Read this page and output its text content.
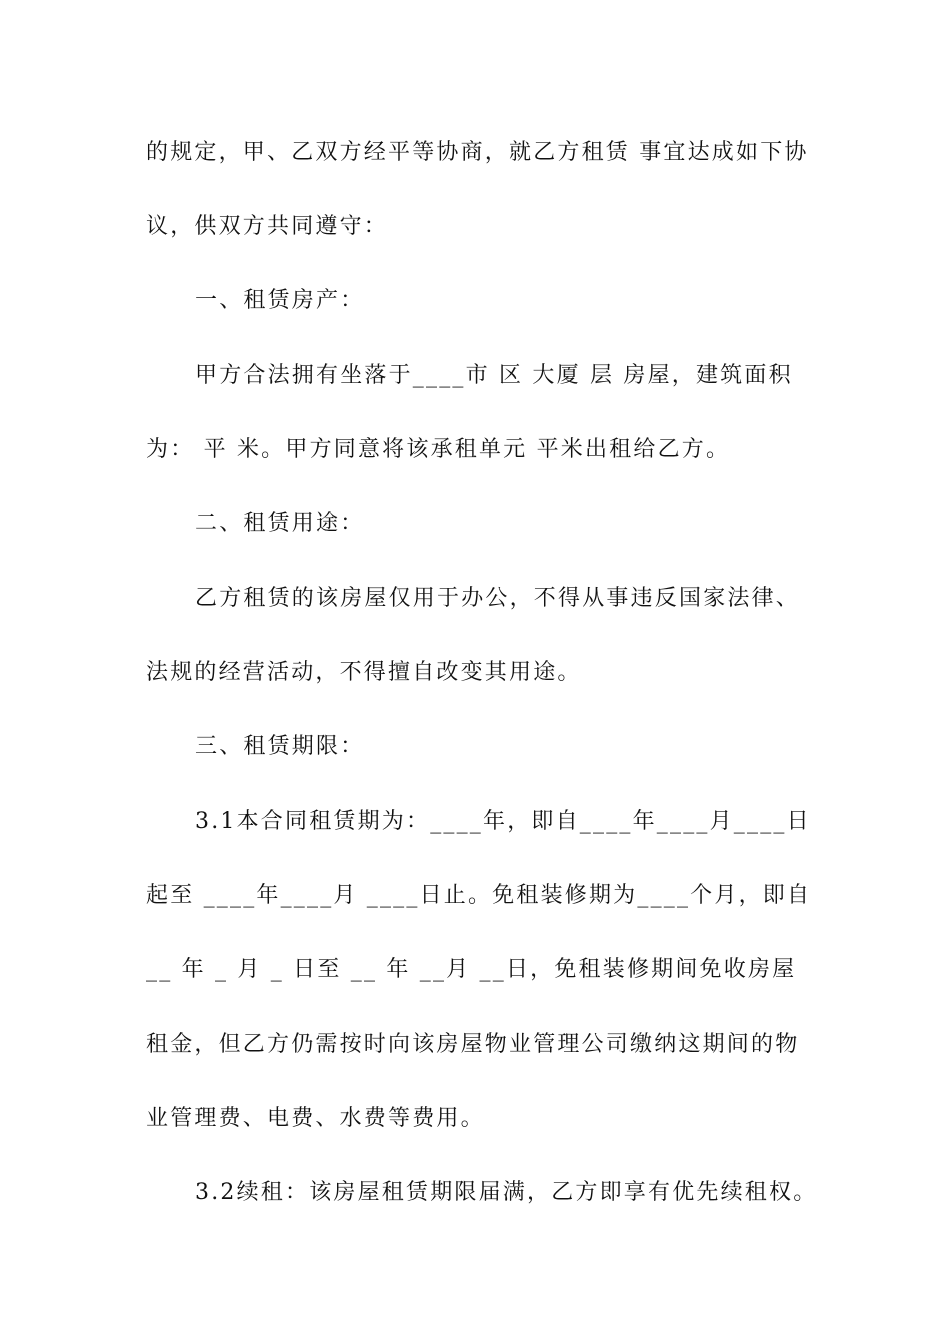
的规定，甲、乙双方经平等协商，就乙方租赁 事宜达成如下协
议，供双方共同遵守：
一、租赁房产：
甲方合法拥有坐落于____市 区 大厦 层 房屋，建筑面积
为： 平 米。甲方同意将该承租单元 平米出租给乙方。
二、租赁用途：
乙方租赁的该房屋仅用于办公，不得从事违反国家法律、
法规的经营活动，不得擅自改变其用途。
三、租赁期限：
3.1本合同租赁期为：____年，即自____年____月____日
起至 ____年____月 ____日止。免租装修期为____个月，即自
__ 年 _ 月 _ 日至 __ 年 __月 __日，免租装修期间免收房屋
租金，但乙方仍需按时向该房屋物业管理公司缴纳这期间的物
业管理费、电费、水费等费用。
3.2续租：该房屋租赁期限届满，乙方即享有优先续租权。
